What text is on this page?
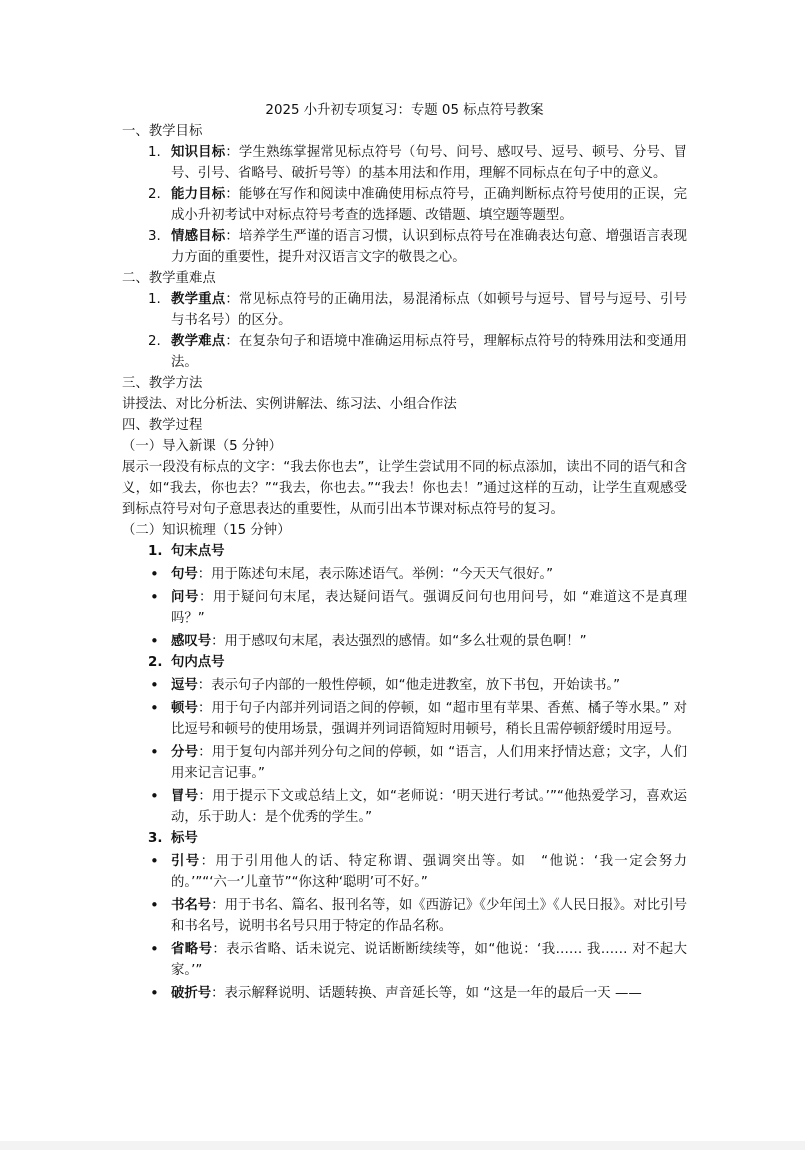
2025 小升初专项复习：专题 05 标点符号教案
一、教学目标
1. 知识目标：学生熟练掌握常见标点符号（句号、问号、感叹号、逗号、顿号、分号、冒号、引号、省略号、破折号等）的基本用法和作用，理解不同标点在句子中的意义。
2. 能力目标：能够在写作和阅读中准确使用标点符号，正确判断标点符号使用的正误，完成小升初考试中对标点符号考查的选择题、改错题、填空题等题型。
3. 情感目标：培养学生严谨的语言习惯，认识到标点符号在准确表达句意、增强语言表现力方面的重要性，提升对汉语言文字的敬畏之心。
二、教学重难点
1. 教学重点：常见标点符号的正确用法，易混淆标点（如顿号与逗号、冒号与逗号、引号与书名号）的区分。
2. 教学难点：在复杂句子和语境中准确运用标点符号，理解标点符号的特殊用法和变通用法。
三、教学方法
讲授法、对比分析法、实例讲解法、练习法、小组合作法
四、教学过程
（一）导入新课（5 分钟）
展示一段没有标点的文字：“我去你也去”，让学生尝试用不同的标点添加，读出不同的语气和含义，如“我去，你也去？”“我去，你也去。”“我去！你也去！”通过这样的互动，让学生直观感受到标点符号对句子意思表达的重要性，从而引出本节课对标点符号的复习。
（二）知识梳理（15 分钟）
1. 句末点号
• 句号：用于陈述句末尾，表示陈述语气。举例：“今天天气很好。”
• 问号：用于疑问句末尾，表达疑问语气。强调反问句也用问号，如 “难道这不是真理吗？”
• 感叹号：用于感叹句末尾，表达强烈的感情。如“多么壮观的景色啊！”
2. 句内点号
• 逗号：表示句子内部的一般性停顿，如“他走进教室，放下书包，开始读书。”
• 顿号：用于句子内部并列词语之间的停顿，如 “超市里有苹果、香蕉、橘子等水果。” 对比逗号和顿号的使用场景，强调并列词语简短时用顿号，稍长且需停顿舒缓时用逗号。
• 分号：用于复句内部并列分句之间的停顿，如 “语言，人们用来抒情达意；文字，人们用来记言记事。”
• 冒号：用于提示下文或总结上文，如“老师说：‘明天进行考试。’”“他热爱学习，喜欢运动，乐于助人：是个优秀的学生。”
3. 标号
• 引号：用于引用他人的话、特定称谓、强调突出等。如　“他说：‘我一定会努力的。’”“‘六一’儿童节”“你这种‘聪明’可不好。”
• 书名号：用于书名、篇名、报刊名等，如《西游记》《少年闰土》《人民日报》。对比引号和书名号，说明书名号只用于特定的作品名称。
• 省略号：表示省略、话未说完、说话断断续续等，如“他说：‘我…… 我…… 对不起大家。’”
• 破折号：表示解释说明、话题转换、声音延长等，如 “这是一年的最后一天 ——
